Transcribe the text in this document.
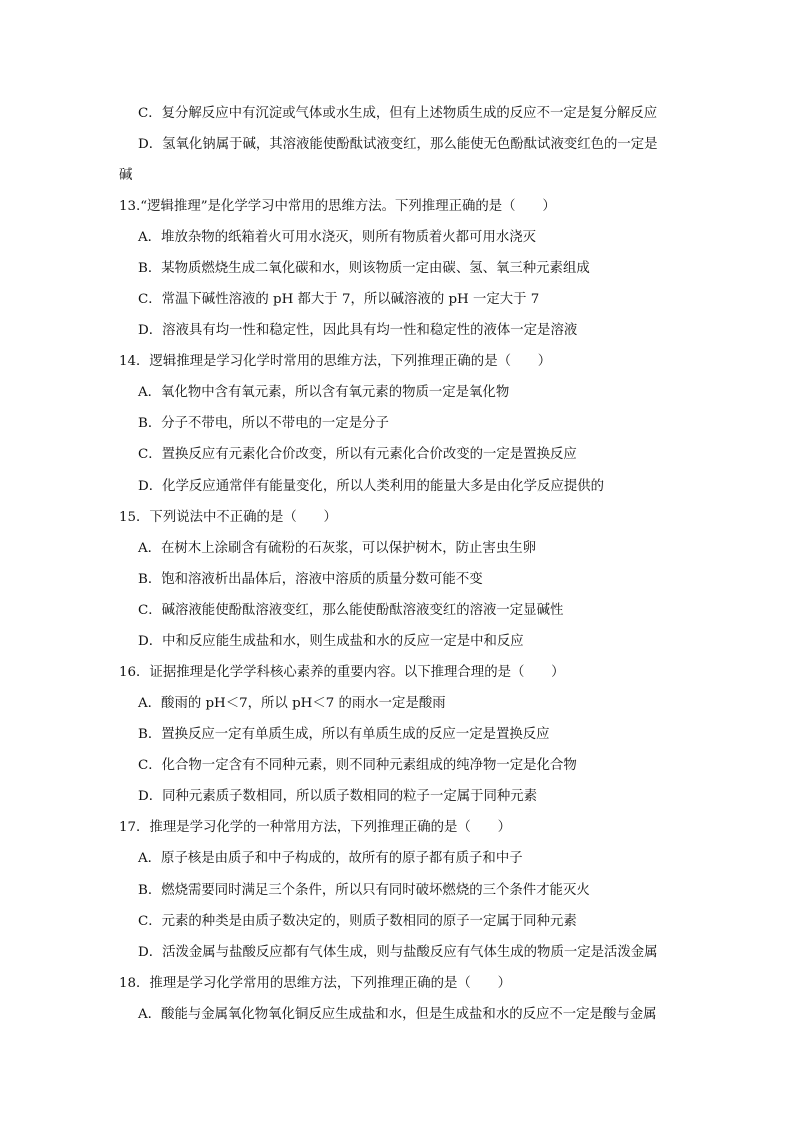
C．复分解反应中有沉淀或气体或水生成，但有上述物质生成的反应不一定是复分解反应
D．氢氧化钠属于碱，其溶液能使酚酞试液变红，那么能使无色酚酞试液变红色的一定是
碱
13.“逻辑推理”是化学学习中常用的思维方法。下列推理正确的是（　　）
A．堆放杂物的纸箱着火可用水浇灭，则所有物质着火都可用水浇灭
B．某物质燃烧生成二氧化碳和水，则该物质一定由碳、氢、氧三种元素组成
C．常温下碱性溶液的 pH 都大于 7，所以碱溶液的 pH 一定大于 7
D．溶液具有均一性和稳定性，因此具有均一性和稳定性的液体一定是溶液
14．逻辑推理是学习化学时常用的思维方法，下列推理正确的是（　　）
A．氧化物中含有氧元素，所以含有氧元素的物质一定是氧化物
B．分子不带电，所以不带电的一定是分子
C．置换反应有元素化合价改变，所以有元素化合价改变的一定是置换反应
D．化学反应通常伴有能量变化，所以人类利用的能量大多是由化学反应提供的
15．下列说法中不正确的是（　　）
A．在树木上涂刷含有硫粉的石灰浆，可以保护树木，防止害虫生卵
B．饱和溶液析出晶体后，溶液中溶质的质量分数可能不变
C．碱溶液能使酚酞溶液变红，那么能使酚酞溶液变红的溶液一定显碱性
D．中和反应能生成盐和水，则生成盐和水的反应一定是中和反应
16．证据推理是化学学科核心素养的重要内容。以下推理合理的是（　　）
A．酸雨的 pH＜7，所以 pH＜7 的雨水一定是酸雨
B．置换反应一定有单质生成，所以有单质生成的反应一定是置换反应
C．化合物一定含有不同种元素，则不同种元素组成的纯净物一定是化合物
D．同种元素质子数相同，所以质子数相同的粒子一定属于同种元素
17．推理是学习化学的一种常用方法，下列推理正确的是（　　）
A．原子核是由质子和中子构成的，故所有的原子都有质子和中子
B．燃烧需要同时满足三个条件，所以只有同时破坏燃烧的三个条件才能灭火
C．元素的种类是由质子数决定的，则质子数相同的原子一定属于同种元素
D．活泼金属与盐酸反应都有气体生成，则与盐酸反应有气体生成的物质一定是活泼金属
18．推理是学习化学常用的思维方法，下列推理正确的是（　　）
A．酸能与金属氧化物氧化铜反应生成盐和水，但是生成盐和水的反应不一定是酸与金属
